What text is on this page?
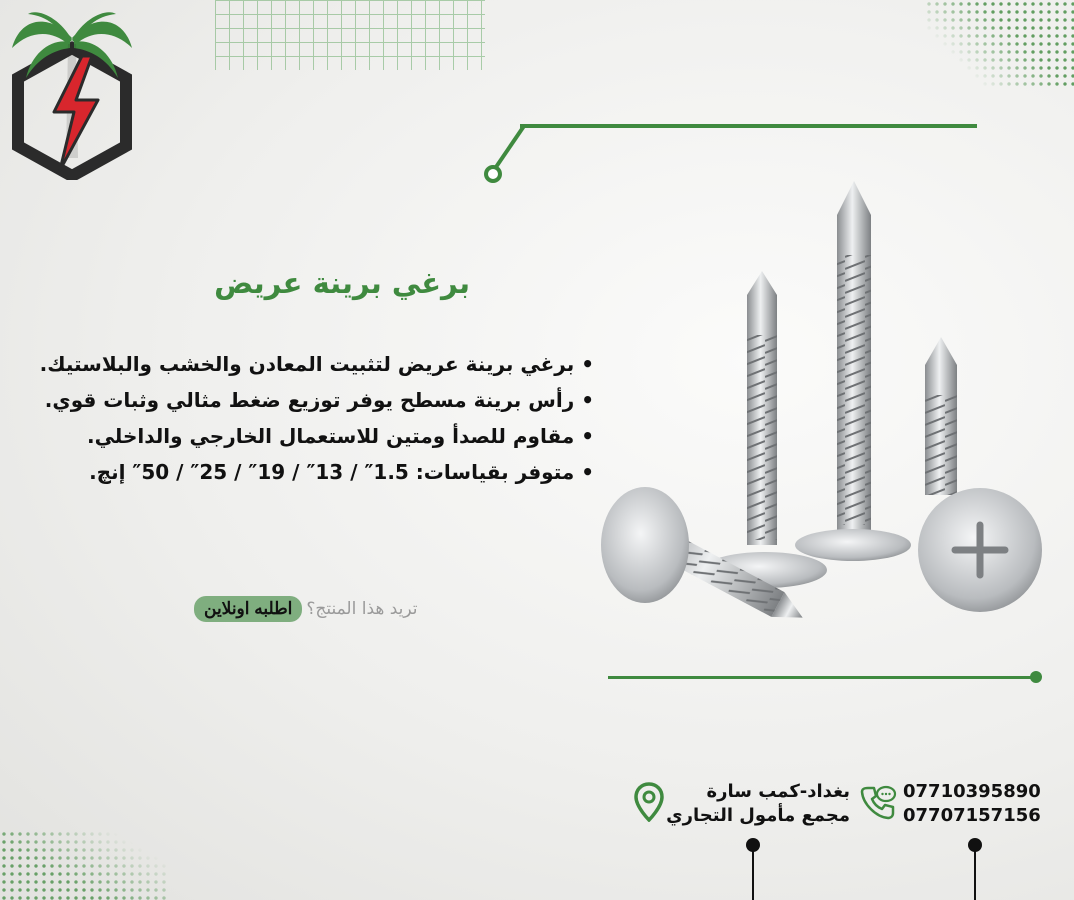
برغي برينة عريض
• برغي برينة عريض لتثبيت المعادن والخشب والبلاستيك.
• رأس برينة مسطح يوفر توزيع ضغط مثالي وثبات قوي.
• مقاوم للصدأ ومتين للاستعمال الخارجي والداخلي.
• متوفر بقياسات: 1.5″ / 13″ / 19″ / 25″ / 50″ إنچ.
تريد هذا المنتج؟
اطلبه اونلاين
بغداد-كمب سارة
مجمع مأمول التجاري
07710395890
07707157156
